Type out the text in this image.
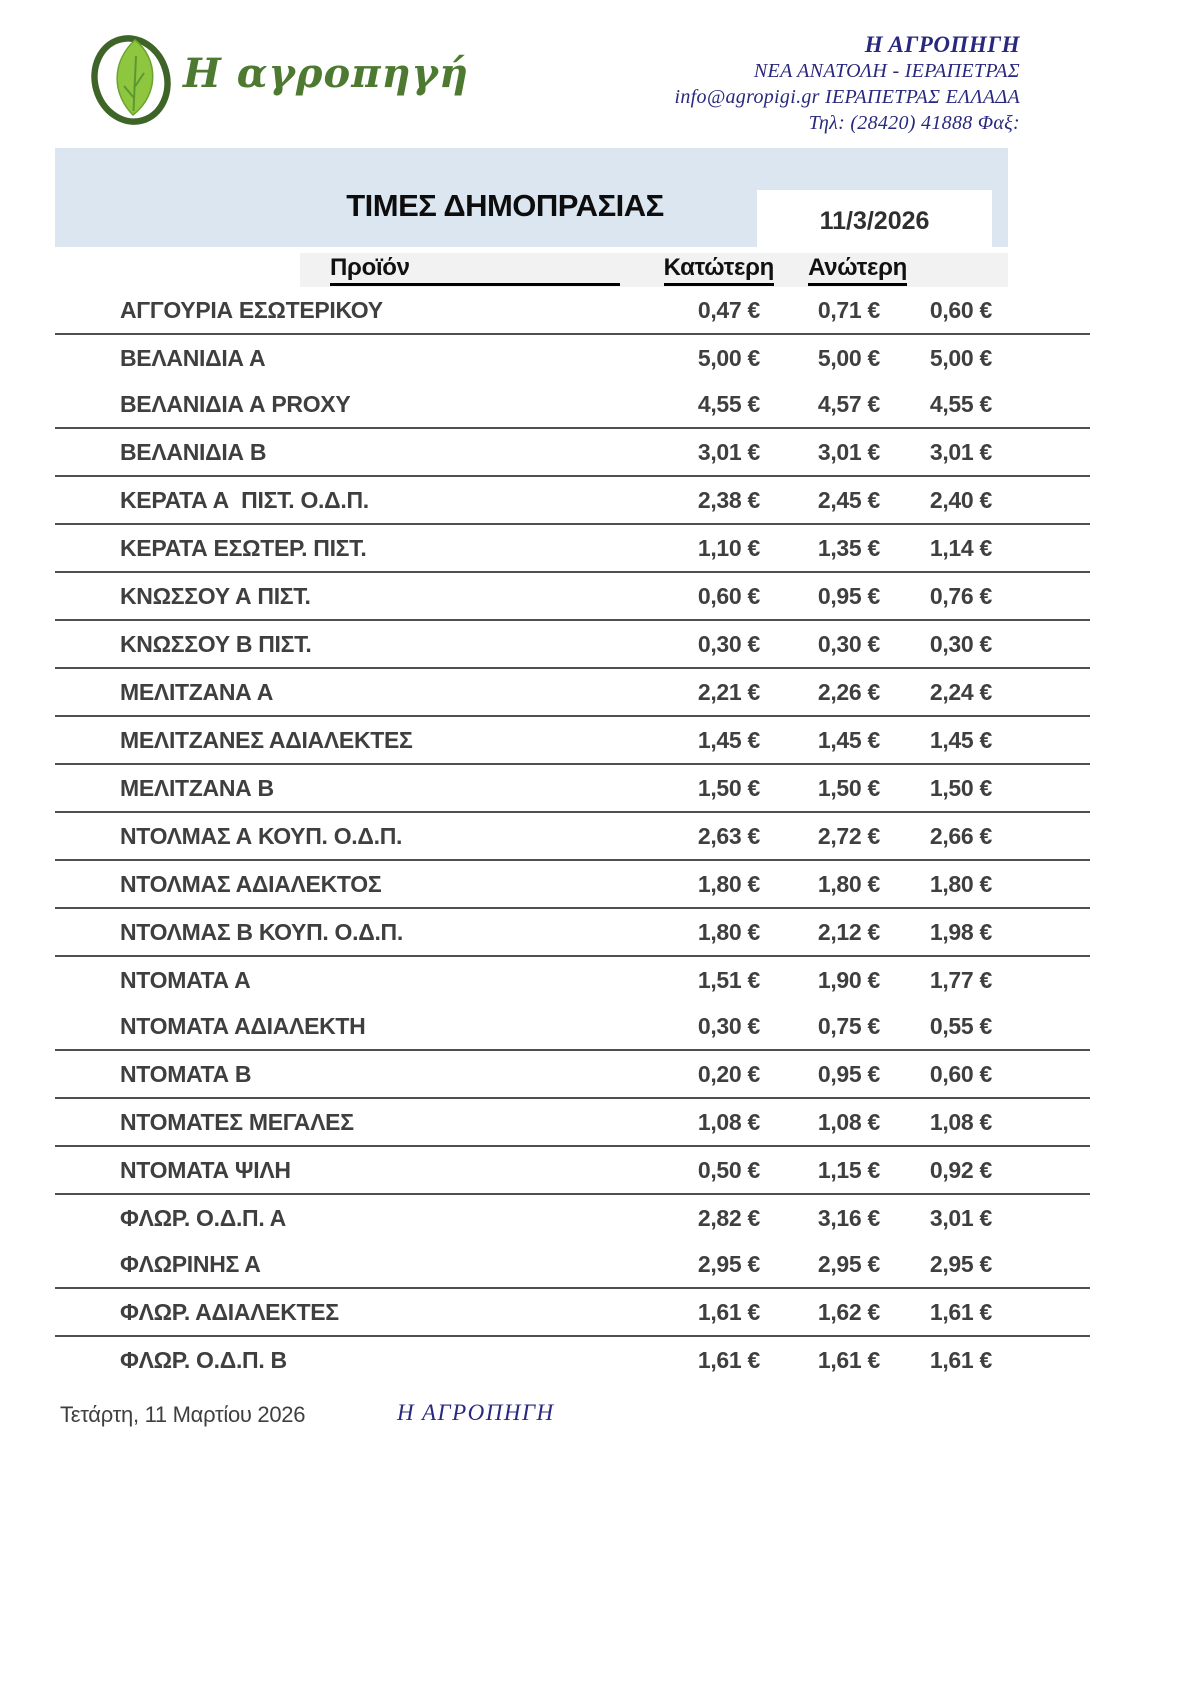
Η αγροπηγή
Η ΑΓΡΟΠΗΓΗ
ΝΕΑ ΑΝΑΤΟΛΗ - ΙΕΡΑΠΕΤΡΑΣ
info@agropigi.gr ΙΕΡΑΠΕΤΡΑΣ ΕΛΛΑΔΑ
Τηλ: (28420) 41888 Φαξ:
ΤΙΜΕΣ ΔΗΜΟΠΡΑΣΙΑΣ	11/3/2026
Προϊόν	Κατώτερη Ανώτερη
ΑΓΓΟΥΡΙΑ ΕΣΩΤΕΡΙΚΟΥ	0,47 €	0,71 €	0,60 €
ΒΕΛΑΝΙΔΙΑ Α	5,00 €	5,00 €	5,00 €
ΒΕΛΑΝΙΔΙΑ Α PROXY	4,55 €	4,57 €	4,55 €
ΒΕΛΑΝΙΔΙΑ Β	3,01 €	3,01 €	3,01 €
ΚΕΡΑΤΑ Α  ΠΙΣΤ. Ο.Δ.Π.	2,38 €	2,45 €	2,40 €
ΚΕΡΑΤΑ ΕΣΩΤΕΡ. ΠΙΣΤ.	1,10 €	1,35 €	1,14 €
ΚΝΩΣΣΟΥ Α ΠΙΣΤ.	0,60 €	0,95 €	0,76 €
ΚΝΩΣΣΟΥ Β ΠΙΣΤ.	0,30 €	0,30 €	0,30 €
ΜΕΛΙΤΖΑΝΑ Α	2,21 €	2,26 €	2,24 €
ΜΕΛΙΤΖΑΝΕΣ ΑΔΙΑΛΕΚΤΕΣ	1,45 €	1,45 €	1,45 €
ΜΕΛΙΤΖΑΝΑ Β	1,50 €	1,50 €	1,50 €
ΝΤΟΛΜΑΣ Α ΚΟΥΠ. Ο.Δ.Π.	2,63 €	2,72 €	2,66 €
ΝΤΟΛΜΑΣ ΑΔΙΑΛΕΚΤΟΣ	1,80 €	1,80 €	1,80 €
ΝΤΟΛΜΑΣ Β ΚΟΥΠ. Ο.Δ.Π.	1,80 €	2,12 €	1,98 €
ΝΤΟΜΑΤΑ Α	1,51 €	1,90 €	1,77 €
ΝΤΟΜΑΤΑ ΑΔΙΑΛΕΚΤΗ	0,30 €	0,75 €	0,55 €
ΝΤΟΜΑΤΑ Β	0,20 €	0,95 €	0,60 €
ΝΤΟΜΑΤΕΣ ΜΕΓΑΛΕΣ	1,08 €	1,08 €	1,08 €
ΝΤΟΜΑΤΑ ΨΙΛΗ	0,50 €	1,15 €	0,92 €
ΦΛΩΡ. Ο.Δ.Π. Α	2,82 €	3,16 €	3,01 €
ΦΛΩΡΙΝΗΣ Α	2,95 €	2,95 €	2,95 €
ΦΛΩΡ. ΑΔΙΑΛΕΚΤΕΣ	1,61 €	1,62 €	1,61 €
ΦΛΩΡ. Ο.Δ.Π. Β	1,61 €	1,61 €	1,61 €
Τετάρτη, 11 Μαρτίου 2026	Η ΑΓΡΟΠΗΓΗ
